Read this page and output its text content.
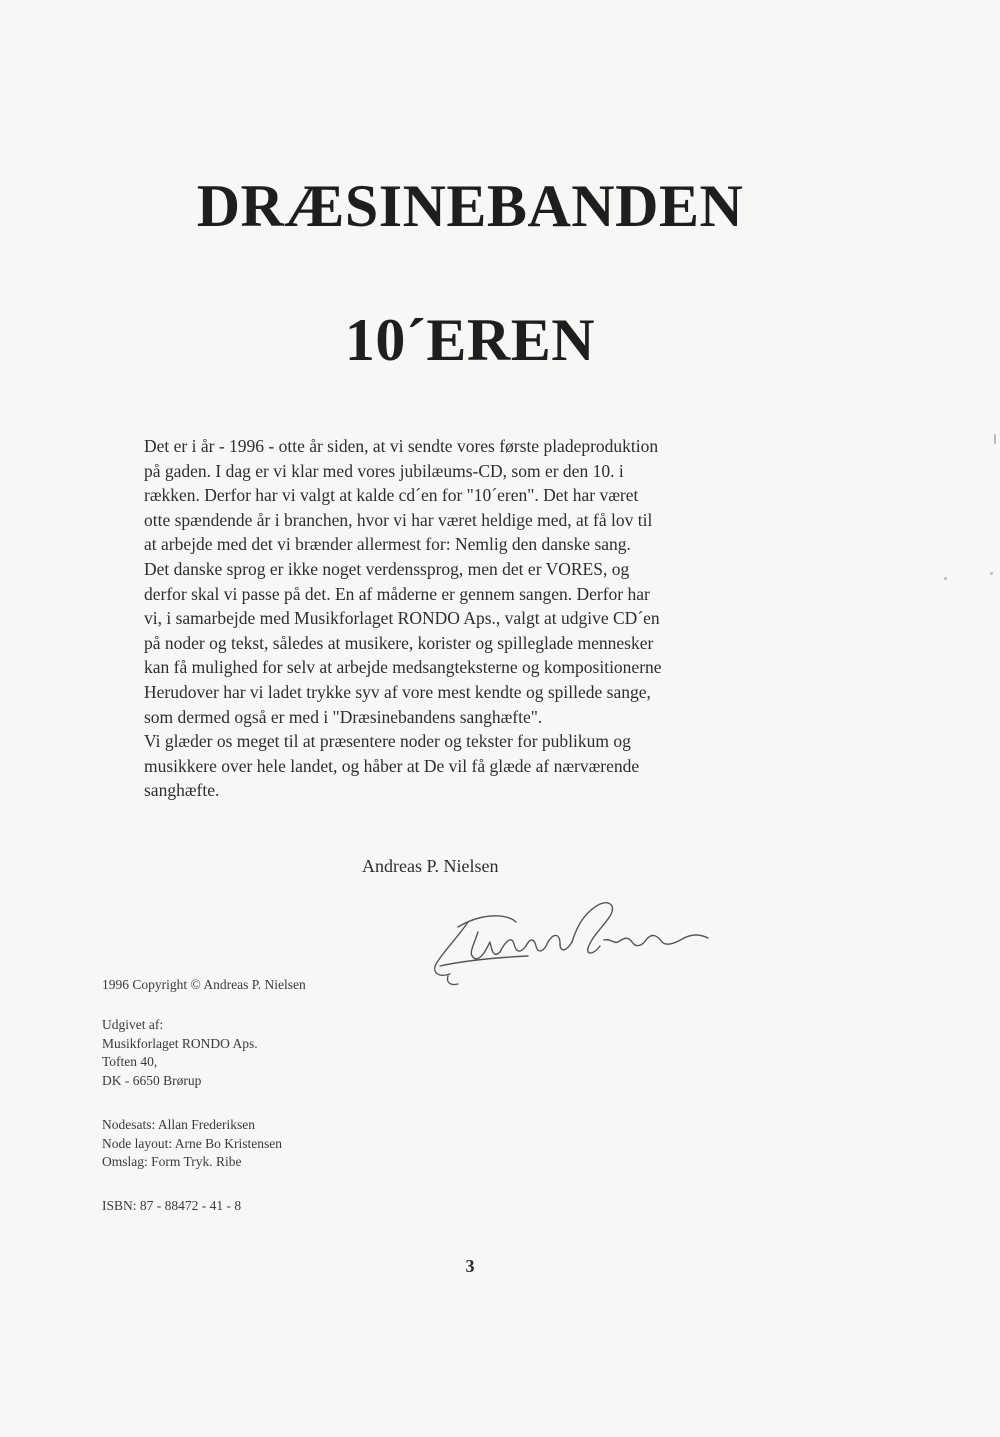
DRÆSINEBANDEN
10´EREN

Det er i år - 1996 - otte år siden, at vi sendte vores første pladeproduktion

på gaden. I dag er vi klar med vores jubilæums-CD, som er den 10. i

rækken. Derfor har vi valgt at kalde cd´en for "10´eren". Det har været

otte spændende år i branchen, hvor vi har været heldige med, at få lov til

at arbejde med det vi brænder allermest for: Nemlig den danske sang.

Det danske sprog er ikke noget verdenssprog, men det er VORES, og

derfor skal vi passe på det. En af måderne er gennem sangen. Derfor har

vi, i samarbejde med Musikforlaget RONDO Aps., valgt at udgive CD´en

på noder og tekst, således at musikere, korister og spilleglade mennesker

kan få mulighed for selv at arbejde medsangteksterne og kompositionerne

Herudover har vi ladet trykke syv af vore mest kendte og spillede sange,

som dermed også er med i "Dræsinebandens sanghæfte".

Vi glæder os meget til at præsentere noder og tekster for publikum og

musikkere over hele landet, og håber at De vil få glæde af nærværende

sanghæfte.

Andreas P. Nielsen

1996 Copyright © Andreas P. Nielsen

Udgivet af:

Musikforlaget RONDO Aps.

Toften 40,

DK - 6650 Brørup

Nodesats: Allan Frederiksen

Node layout: Arne Bo Kristensen

Omslag: Form Tryk. Ribe

ISBN: 87 - 88472 - 41 - 8

3
